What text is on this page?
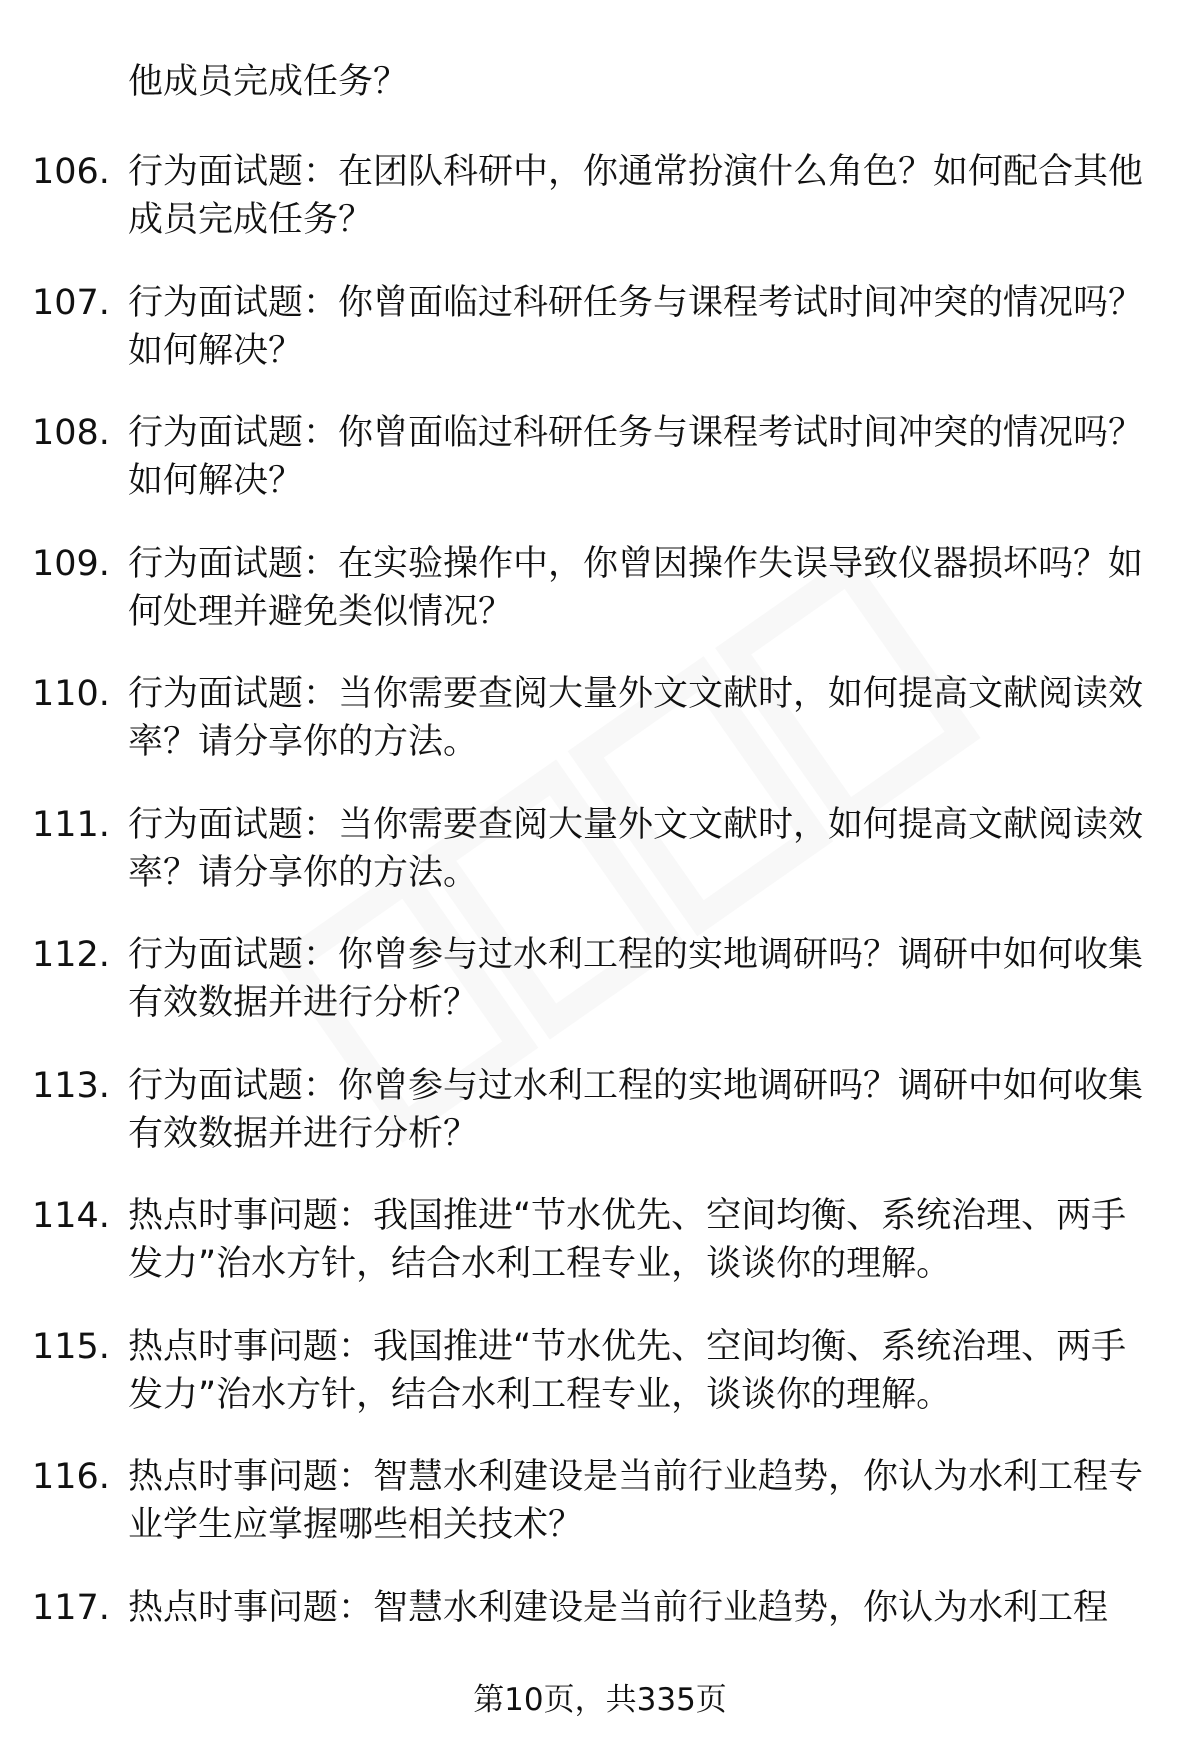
他成员完成任务？

106. 行为面试题：在团队科研中，你通常扮演什么角色？如何配合其他成员完成任务？

107. 行为面试题：你曾面临过科研任务与课程考试时间冲突的情况吗？如何解决？

108. 行为面试题：你曾面临过科研任务与课程考试时间冲突的情况吗？如何解决？

109. 行为面试题：在实验操作中，你曾因操作失误导致仪器损坏吗？如何处理并避免类似情况？

110. 行为面试题：当你需要查阅大量外文文献时，如何提高文献阅读效率？请分享你的方法。

111. 行为面试题：当你需要查阅大量外文文献时，如何提高文献阅读效率？请分享你的方法。

112. 行为面试题：你曾参与过水利工程的实地调研吗？调研中如何收集有效数据并进行分析？

113. 行为面试题：你曾参与过水利工程的实地调研吗？调研中如何收集有效数据并进行分析？

114. 热点时事问题：我国推进“节水优先、空间均衡、系统治理、两手发力”治水方针，结合水利工程专业，谈谈你的理解。

115. 热点时事问题：我国推进“节水优先、空间均衡、系统治理、两手发力”治水方针，结合水利工程专业，谈谈你的理解。

116. 热点时事问题：智慧水利建设是当前行业趋势，你认为水利工程专业学生应掌握哪些相关技术？

117. 热点时事问题：智慧水利建设是当前行业趋势，你认为水利工程

第10页，共335页
